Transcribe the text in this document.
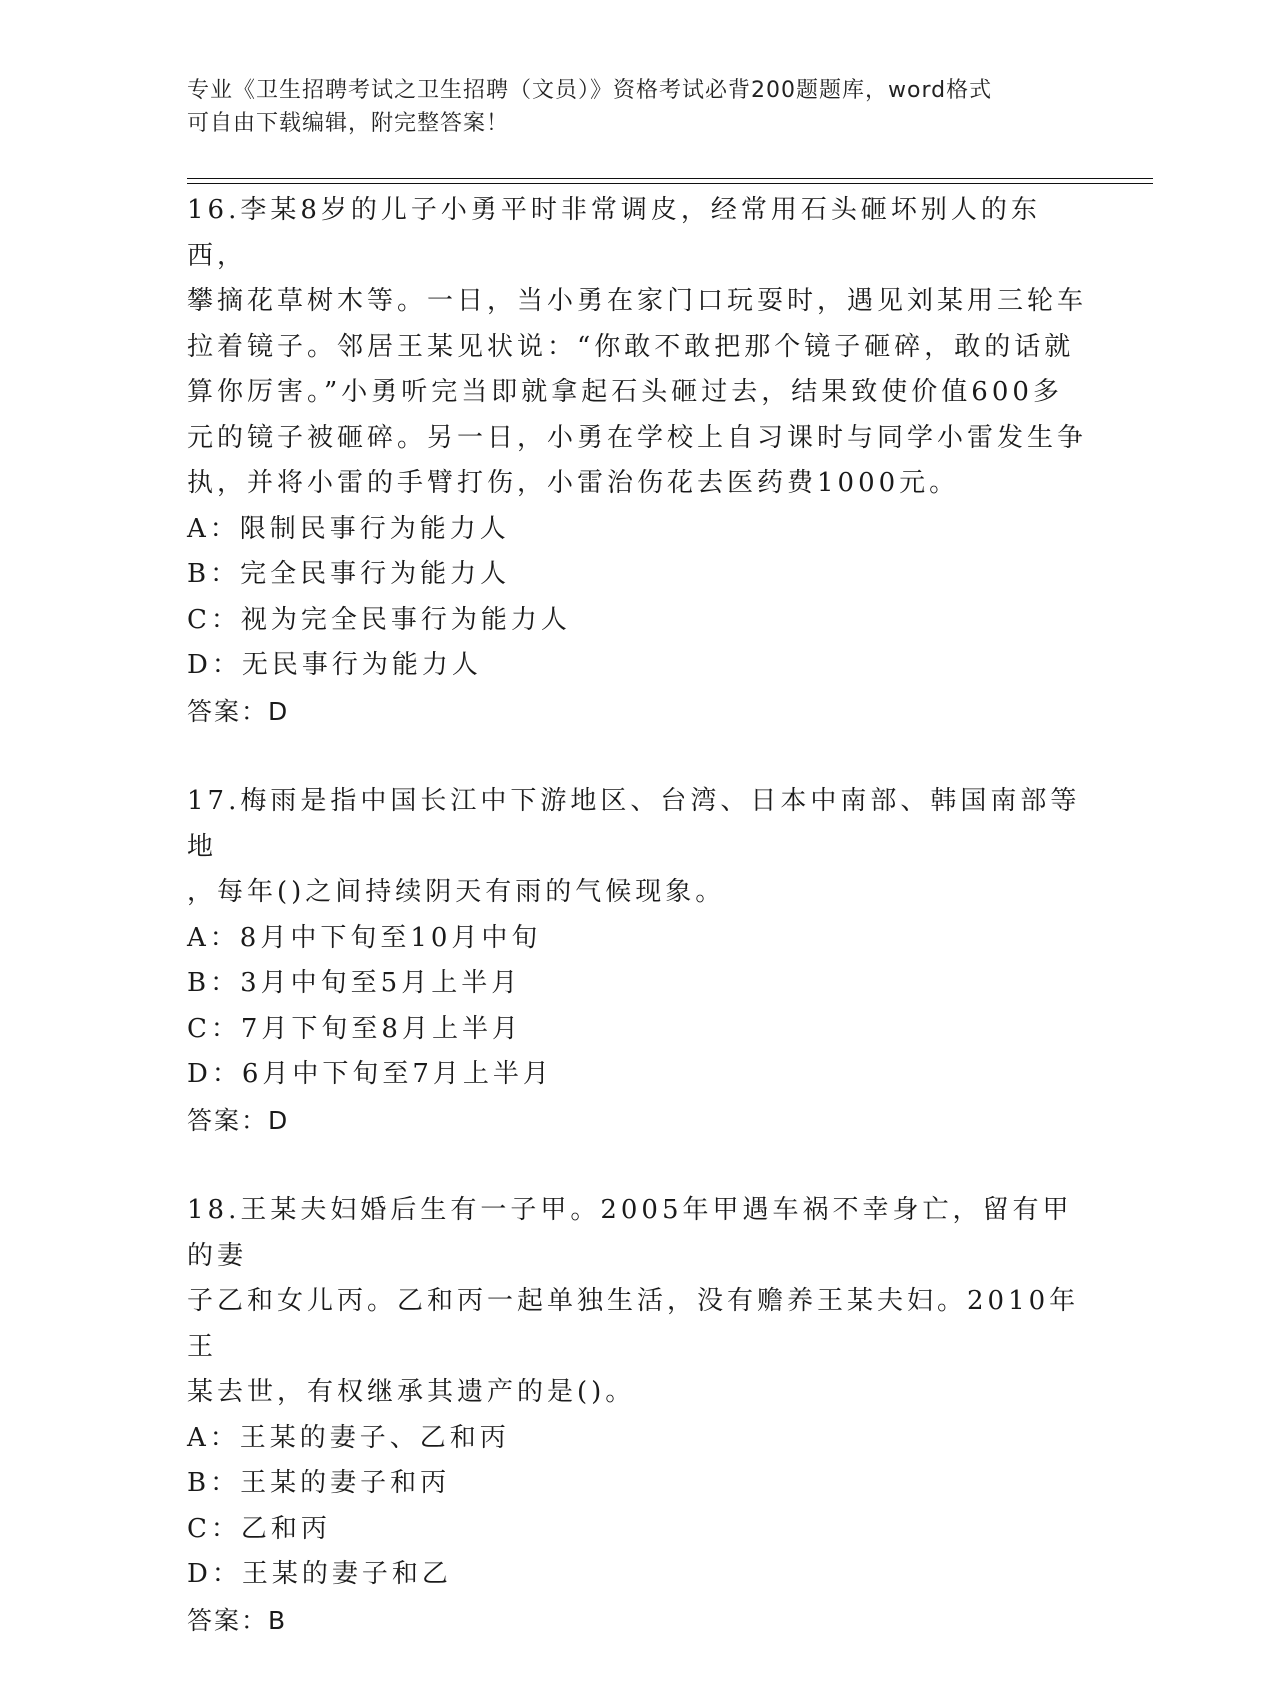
专业《卫生招聘考试之卫生招聘（文员）》资格考试必背200题题库，word格式
可自由下载编辑，附完整答案！
16.李某8岁的儿子小勇平时非常调皮，经常用石头砸坏别人的东西，
攀摘花草树木等。一日，当小勇在家门口玩耍时，遇见刘某用三轮车
拉着镜子。邻居王某见状说：“你敢不敢把那个镜子砸碎，敢的话就
算你厉害。”小勇听完当即就拿起石头砸过去，结果致使价值600多
元的镜子被砸碎。另一日，小勇在学校上自习课时与同学小雷发生争
执，并将小雷的手臂打伤，小雷治伤花去医药费1000元。
A：限制民事行为能力人
B：完全民事行为能力人
C：视为完全民事行为能力人
D：无民事行为能力人
答案：D
17.梅雨是指中国长江中下游地区、台湾、日本中南部、韩国南部等地
，每年()之间持续阴天有雨的气候现象。
A：8月中下旬至10月中旬
B：3月中旬至5月上半月
C：7月下旬至8月上半月
D：6月中下旬至7月上半月
答案：D
18.王某夫妇婚后生有一子甲。2005年甲遇车祸不幸身亡，留有甲的妻
子乙和女儿丙。乙和丙一起单独生活，没有赡养王某夫妇。2010年王
某去世，有权继承其遗产的是()。
A：王某的妻子、乙和丙
B：王某的妻子和丙
C：乙和丙
D：王某的妻子和乙
答案：B
